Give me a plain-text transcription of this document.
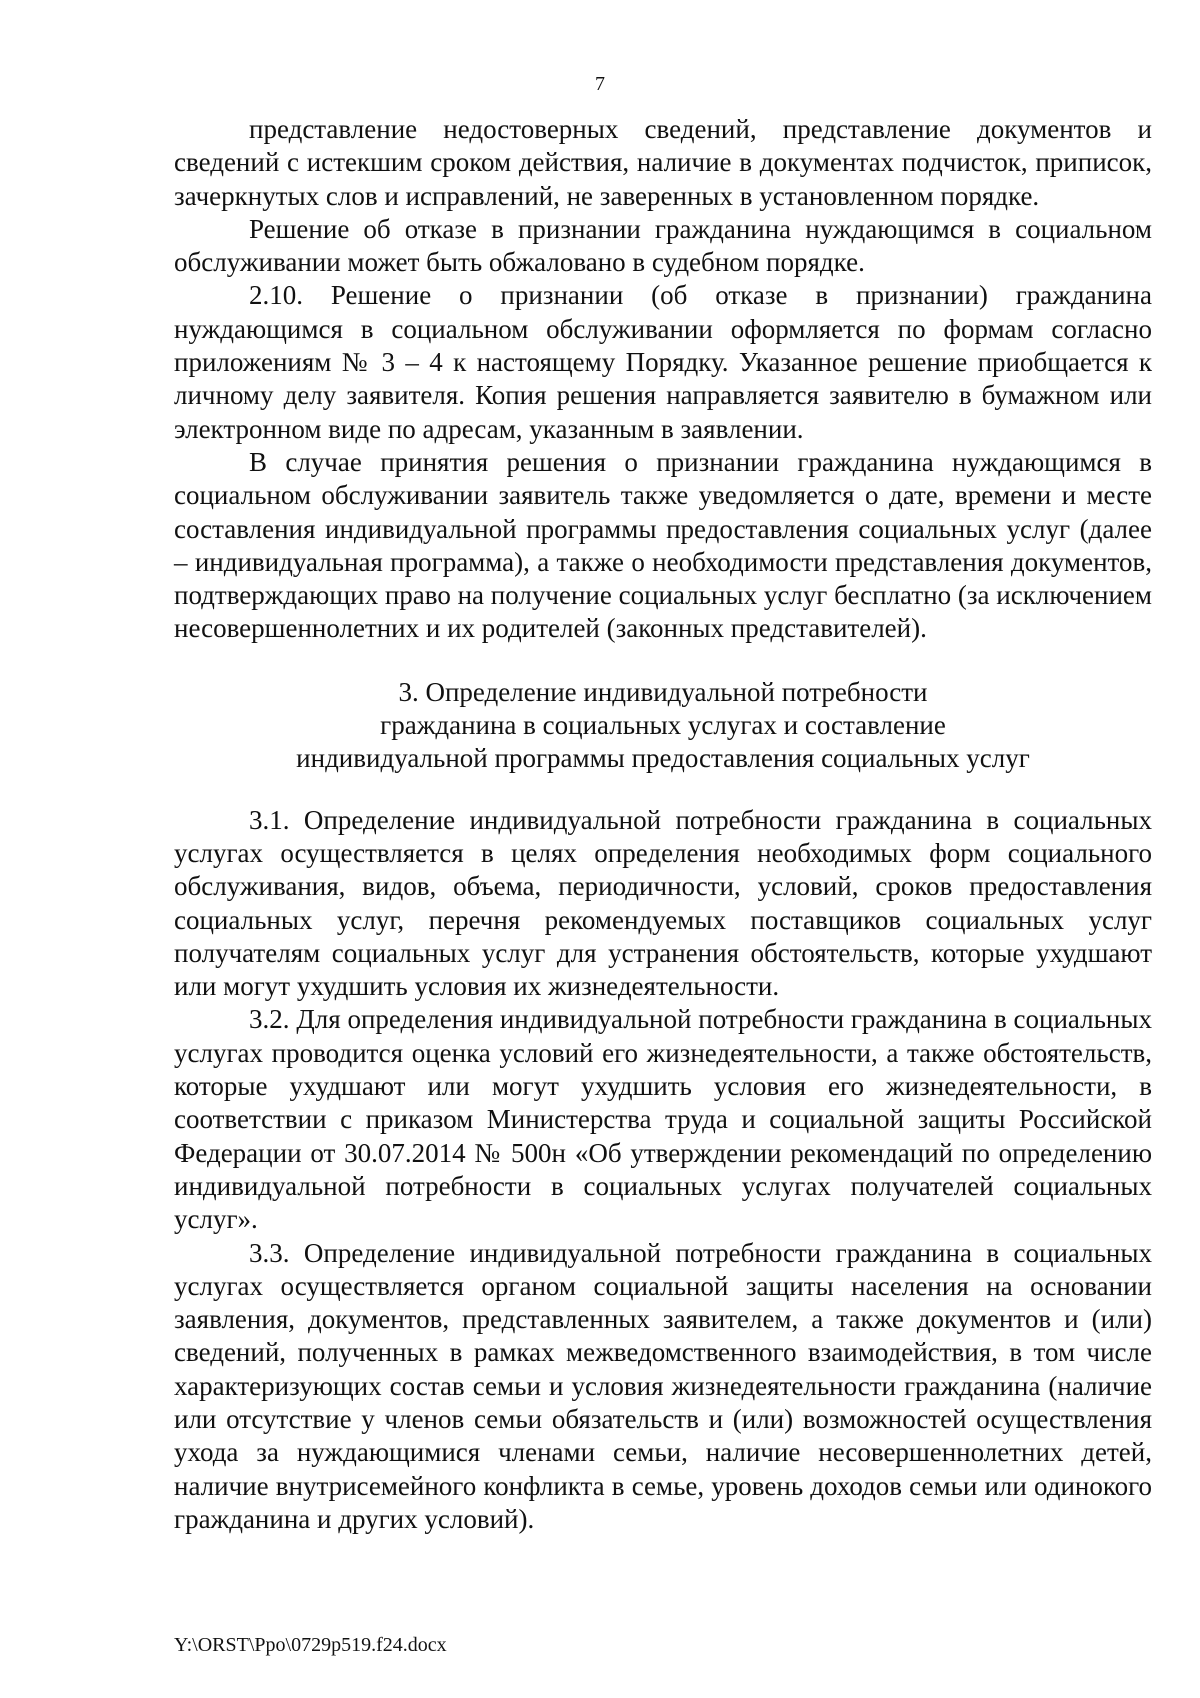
7

представление недостоверных сведений, представление документов и сведений с истекшим сроком действия, наличие в документах подчисток, приписок, зачеркнутых слов и исправлений, не заверенных в установленном порядке.

Решение об отказе в признании гражданина нуждающимся в социальном обслуживании может быть обжаловано в судебном порядке.

2.10. Решение о признании (об отказе в признании) гражданина нуждающимся в социальном обслуживании оформляется по формам согласно приложениям № 3 – 4 к настоящему Порядку. Указанное решение приобщается к личному делу заявителя. Копия решения направляется заявителю в бумажном или электронном виде по адресам, указанным в заявлении.

В случае принятия решения о признании гражданина нуждающимся в социальном обслуживании заявитель также уведомляется о дате, времени и месте составления индивидуальной программы предоставления социальных услуг (далее – индивидуальная программа), а также о необходимости представления документов, подтверждающих право на получение социальных услуг бесплатно (за исключением несовершеннолетних и их родителей (законных представителей).

3. Определение индивидуальной потребности
гражданина в социальных услугах и составление
индивидуальной программы предоставления социальных услуг

3.1. Определение индивидуальной потребности гражданина в социальных услугах осуществляется в целях определения необходимых форм социального обслуживания, видов, объема, периодичности, условий, сроков предоставления социальных услуг, перечня рекомендуемых поставщиков социальных услуг получателям социальных услуг для устранения обстоятельств, которые ухудшают или могут ухудшить условия их жизнедеятельности.

3.2. Для определения индивидуальной потребности гражданина в социальных услугах проводится оценка условий его жизнедеятельности, а также обстоятельств, которые ухудшают или могут ухудшить условия его жизнедеятельности, в соответствии с приказом Министерства труда и социальной защиты Российской Федерации от 30.07.2014 № 500н «Об утверждении рекомендаций по определению индивидуальной потребности в социальных услугах получателей социальных услуг».

3.3. Определение индивидуальной потребности гражданина в социальных услугах осуществляется органом социальной защиты населения на основании заявления, документов, представленных заявителем, а также документов и (или) сведений, полученных в рамках межведомственного взаимодействия, в том числе характеризующих состав семьи и условия жизнедеятельности гражданина (наличие или отсутствие у членов семьи обязательств и (или) возможностей осуществления ухода за нуждающимися членами семьи, наличие несовершеннолетних детей, наличие внутрисемейного конфликта в семье, уровень доходов семьи или одинокого гражданина и других условий).

Y:\ORST\Ppo\0729p519.f24.docx
